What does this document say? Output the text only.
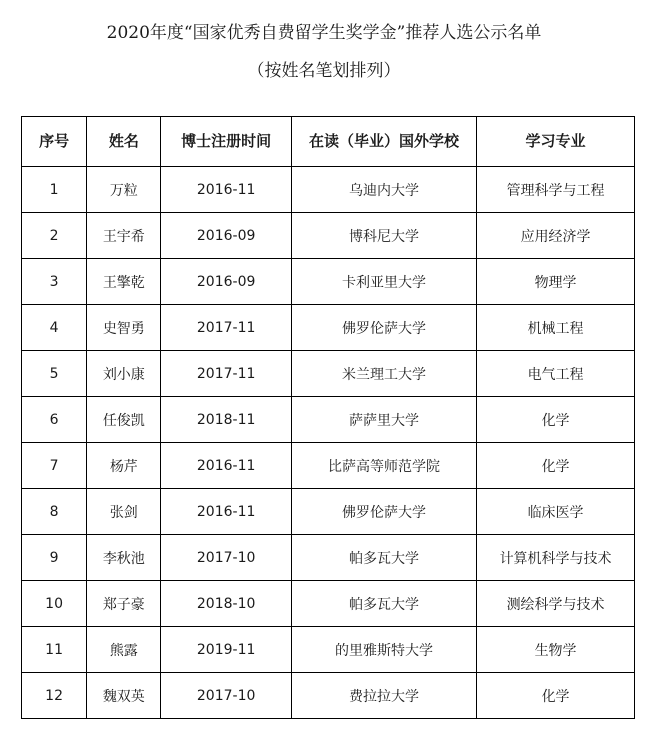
2020年度“国家优秀自费留学生奖学金”推荐人选公示名单
（按姓名笔划排列）
序号	姓名	博士注册时间	在读（毕业）国外学校	学习专业
1	万粒	2016-11	乌迪内大学	管理科学与工程
2	王宇希	2016-09	博科尼大学	应用经济学
3	王擎乾	2016-09	卡利亚里大学	物理学
4	史智勇	2017-11	佛罗伦萨大学	机械工程
5	刘小康	2017-11	米兰理工大学	电气工程
6	任俊凯	2018-11	萨萨里大学	化学
7	杨芹	2016-11	比萨高等师范学院	化学
8	张剑	2016-11	佛罗伦萨大学	临床医学
9	李秋池	2017-10	帕多瓦大学	计算机科学与技术
10	郑子豪	2018-10	帕多瓦大学	测绘科学与技术
11	熊露	2019-11	的里雅斯特大学	生物学
12	魏双英	2017-10	费拉拉大学	化学
